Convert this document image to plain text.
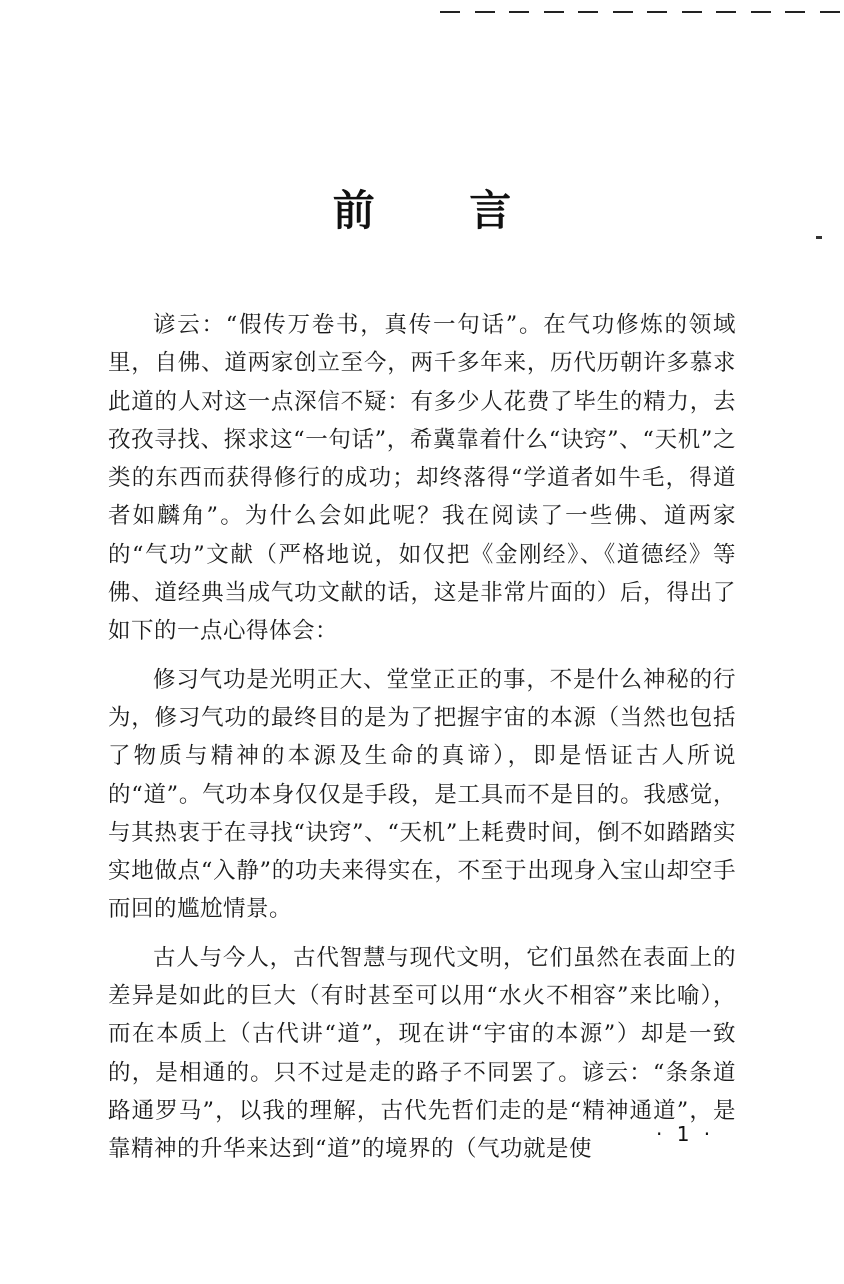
前 言

谚云：“假传万卷书，真传一句话”。在气功修炼的领域里，自佛、道两家创立至今，两千多年来，历代历朝许多慕求此道的人对这一点深信不疑：有多少人花费了毕生的精力，去孜孜寻找、探求这“一句话”，希冀靠着什么“诀窍”、“天机”之类的东西而获得修行的成功；却终落得“学道者如牛毛，得道者如麟角”。为什么会如此呢？我在阅读了一些佛、道两家的“气功”文献（严格地说，如仅把《金刚经》、《道德经》等佛、道经典当成气功文献的话，这是非常片面的）后，得出了如下的一点心得体会：

修习气功是光明正大、堂堂正正的事，不是什么神秘的行为，修习气功的最终目的是为了把握宇宙的本源（当然也包括了物质与精神的本源及生命的真谛），即是悟证古人所说的“道”。气功本身仅仅是手段，是工具而不是目的。我感觉，与其热衷于在寻找“诀窍”、“天机”上耗费时间，倒不如踏踏实实地做点“入静”的功夫来得实在，不至于出现身入宝山却空手而回的尴尬情景。

古人与今人，古代智慧与现代文明，它们虽然在表面上的差异是如此的巨大（有时甚至可以用“水火不相容”来比喻），而在本质上（古代讲“道”，现在讲“宇宙的本源”）却是一致的，是相通的。只不过是走的路子不同罢了。谚云：“条条道路通罗马”，以我的理解，古代先哲们走的是“精神通道”，是靠精神的升华来达到“道”的境界的（气功就是使

· 1 ·
